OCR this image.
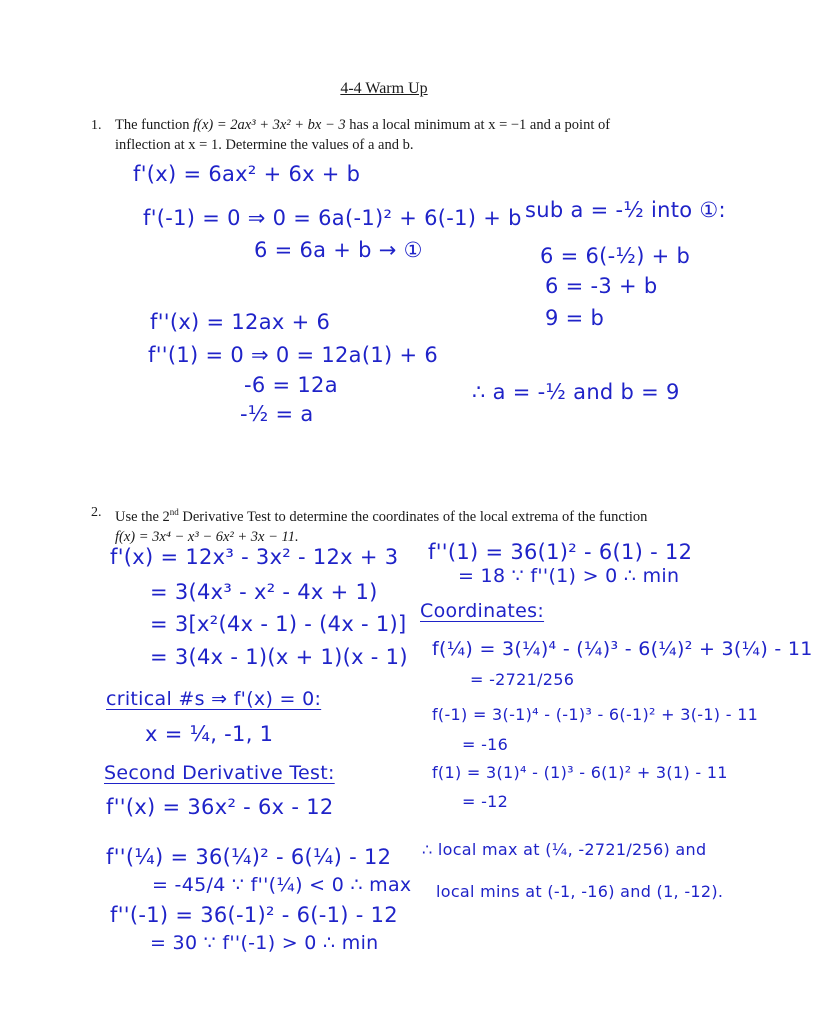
4-4 Warm Up
1. The function f(x) = 2ax³ + 3x² + bx − 3 has a local minimum at x = −1 and a point of
inflection at x = 1. Determine the values of a and b.
f'(x) = 6ax² + 6x + b
f'(-1) = 0 ⇒ 0 = 6a(-1)² + 6(-1) + b
6 = 6a + b → ①
f''(x) = 12ax + 6
f''(1) = 0 ⇒ 0 = 12a(1) + 6
-6 = 12a
-½ = a
sub a = -½ into ①:
6 = 6(-½) + b
6 = -3 + b
9 = b
∴ a = -½ and b = 9
2. Use the 2nd Derivative Test to determine the coordinates of the local extrema of the function
f(x) = 3x⁴ − x³ − 6x² + 3x − 11.
f'(x) = 12x³ - 3x² - 12x + 3
= 3(4x³ - x² - 4x + 1)
= 3[x²(4x - 1) - (4x - 1)]
= 3(4x - 1)(x + 1)(x - 1)
critical #s ⇒ f'(x) = 0:
x = ¼, -1, 1
Second Derivative Test:
f''(x) = 36x² - 6x - 12
f''(¼) = 36(¼)² - 6(¼) - 12
= -45/4 ∵ f''(¼) < 0 ∴ max
f''(-1) = 36(-1)² - 6(-1) - 12
= 30 ∵ f''(-1) > 0 ∴ min
f''(1) = 36(1)² - 6(1) - 12
= 18 ∵ f''(1) > 0 ∴ min
Coordinates:
f(¼) = 3(¼)⁴ - (¼)³ - 6(¼)² + 3(¼) - 11
= -2721/256
f(-1) = 3(-1)⁴ - (-1)³ - 6(-1)² + 3(-1) - 11
= -16
f(1) = 3(1)⁴ - (1)³ - 6(1)² + 3(1) - 11
= -12
∴ local max at (¼, -2721/256) and
local mins at (-1, -16) and (1, -12).
